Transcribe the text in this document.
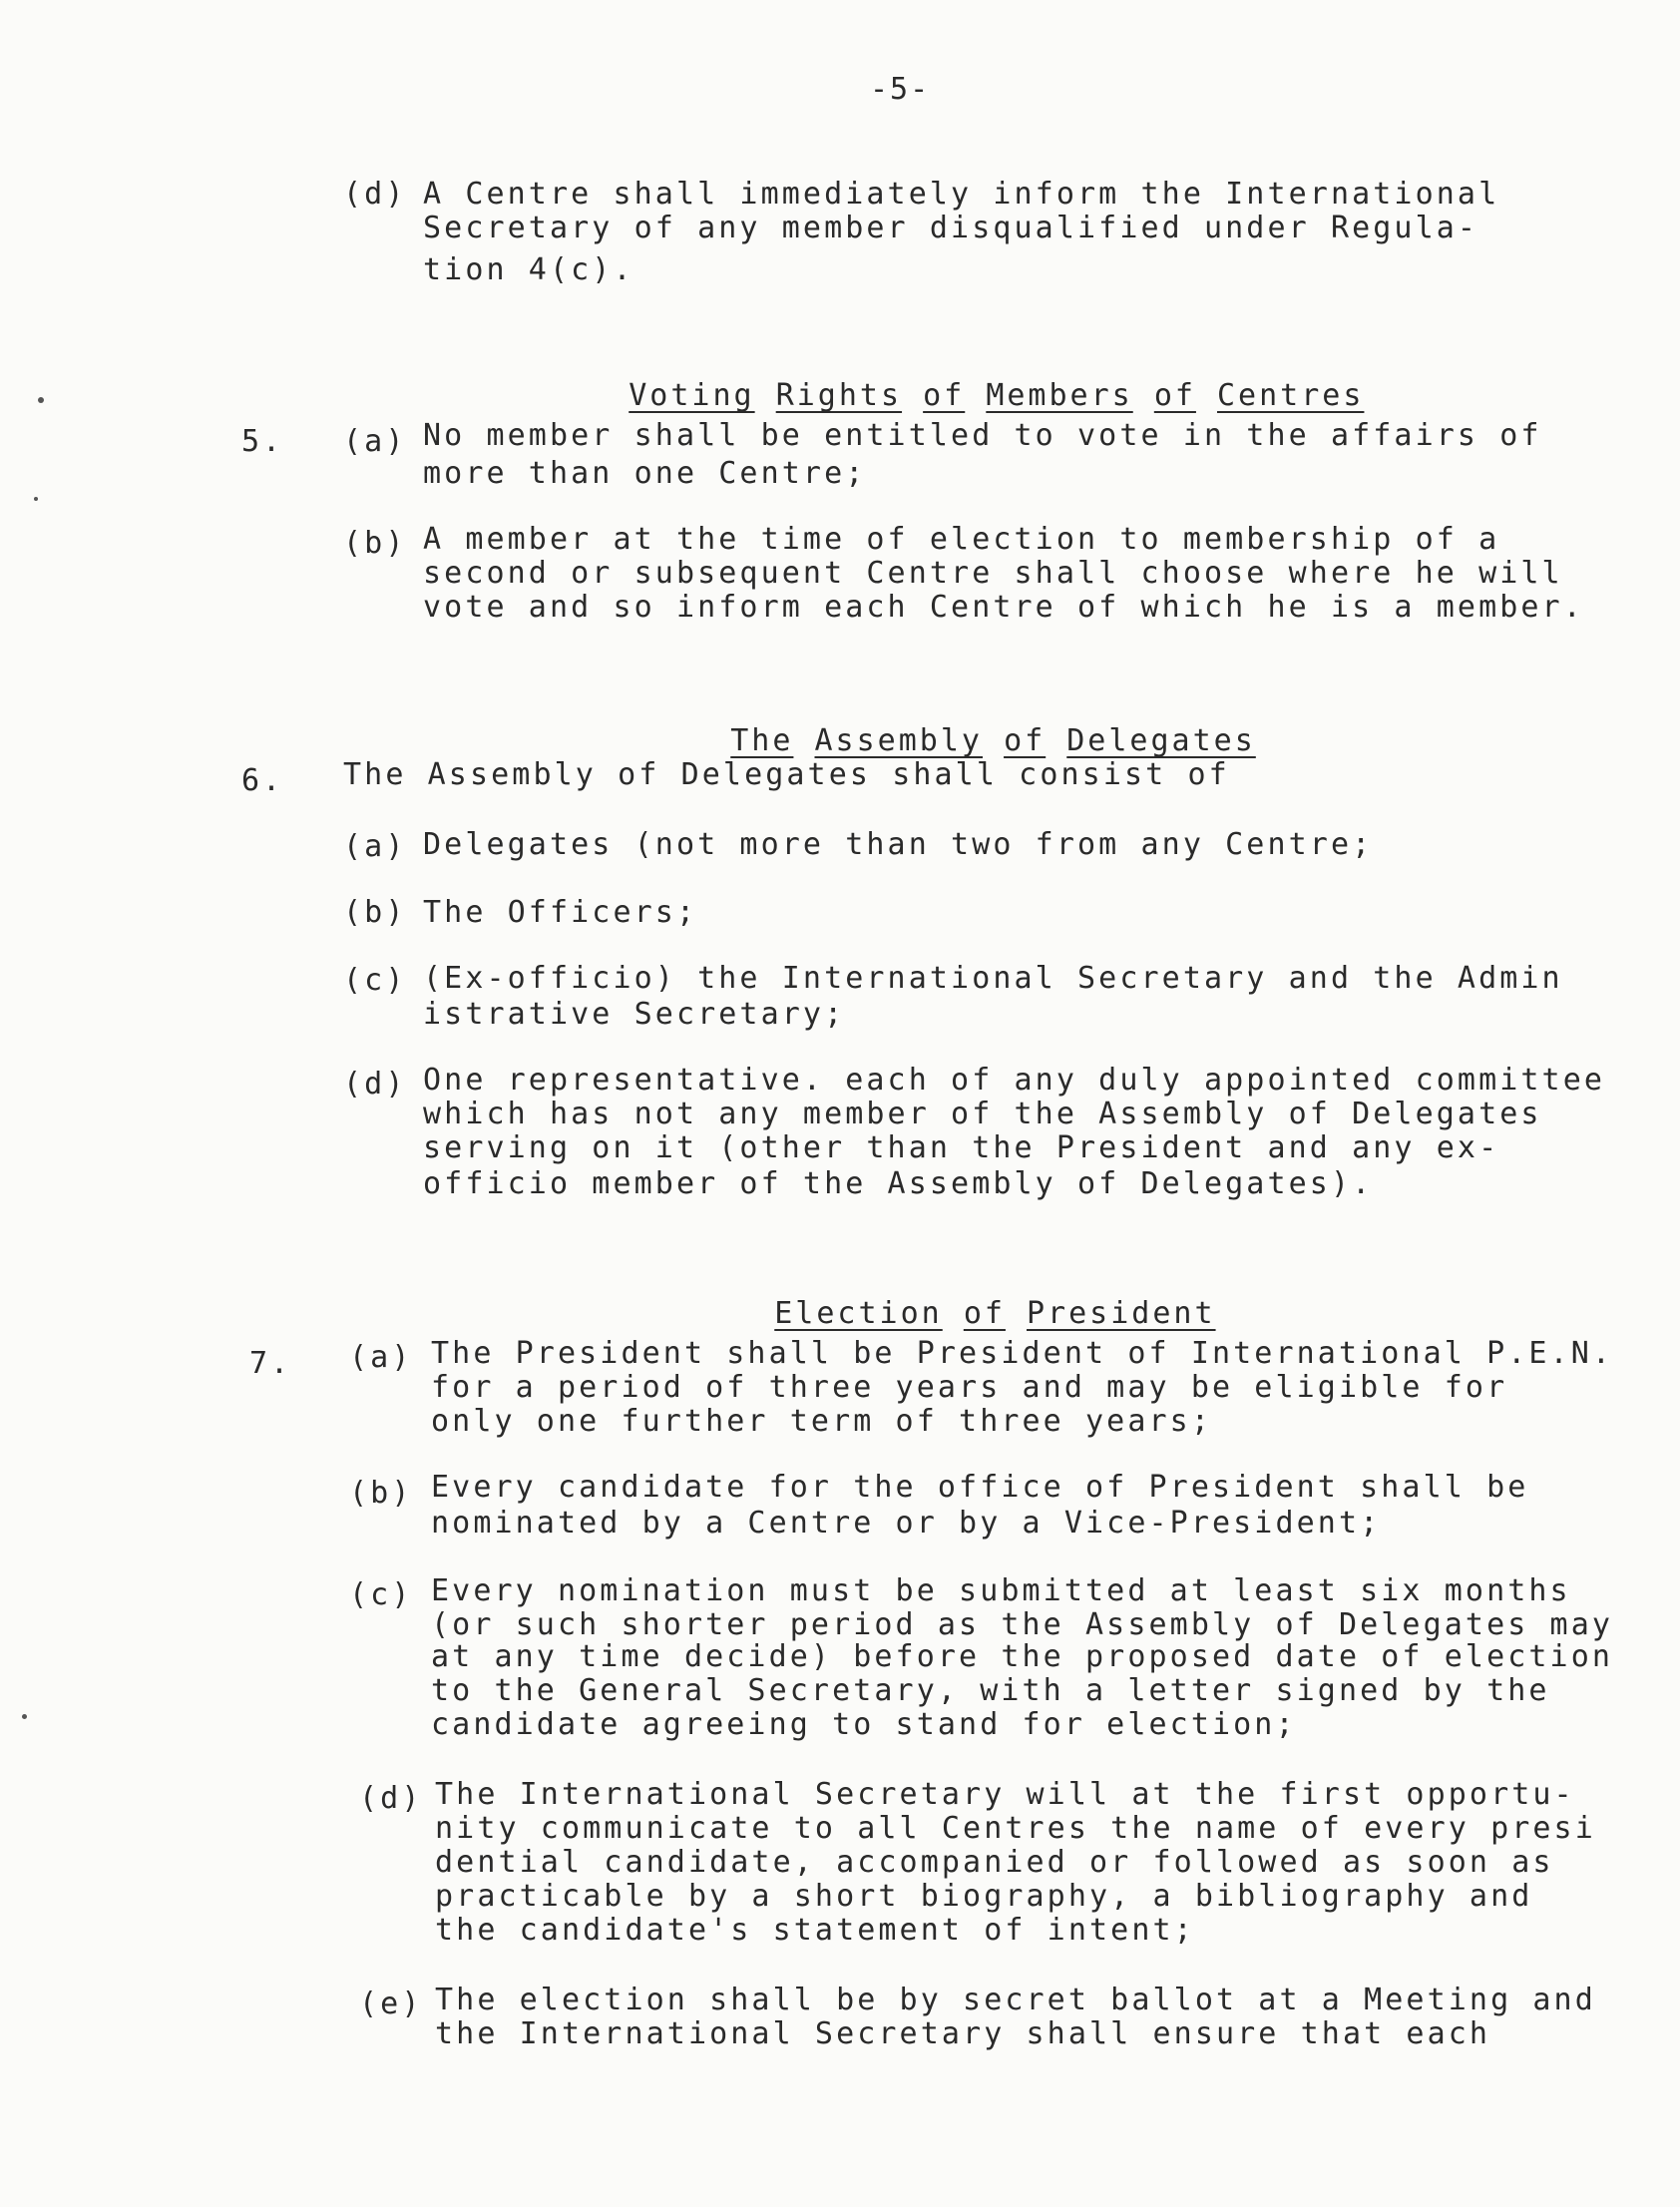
-5-
(d) A Centre shall immediately inform the International
Secretary of any member disqualified under Regula-
tion 4(c).

Voting Rights of Members of Centres

5. (a) No member shall be entitled to vote in the affairs of
more than one Centre;
(b) A member at the time of election to membership of a
second or subsequent Centre shall choose where he will
vote and so inform each Centre of which he is a member.

The Assembly of Delegates

6. The Assembly of Delegates shall consist of
(a) Delegates (not more than two from any Centre;
(b) The Officers;
(c) (Ex-officio) the International Secretary and the Admin
istrative Secretary;
(d) One representative. each of any duly appointed committee
which has not any member of the Assembly of Delegates
serving on it (other than the President and any ex-
officio member of the Assembly of Delegates).

Election of President

7. (a) The President shall be President of International P.E.N.
for a period of three years and may be eligible for
only one further term of three years;
(b) Every candidate for the office of President shall be
nominated by a Centre or by a Vice-President;
(c) Every nomination must be submitted at least six months
(or such shorter period as the Assembly of Delegates may
at any time decide) before the proposed date of election
to the General Secretary, with a letter signed by the
candidate agreeing to stand for election;
(d) The International Secretary will at the first opportu-
nity communicate to all Centres the name of every presi
dential candidate, accompanied or followed as soon as
practicable by a short biography, a bibliography and
the candidate's statement of intent;
(e) The election shall be by secret ballot at a Meeting and
the International Secretary shall ensure that each
